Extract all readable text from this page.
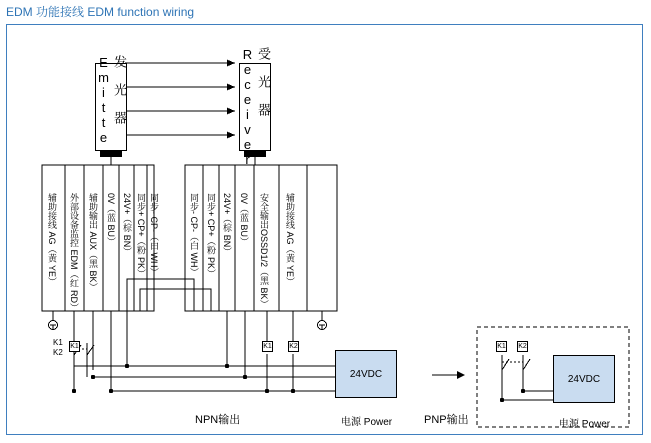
EDM 功能接线 EDM function wiring
发 光 器 Emitter	受 光 器 Receiver
辅助接线 AG（黄 YE） 外部设备监控 EDM（红 RD） 辅助输出 AUX（黑 BK） 0V（蓝 BU） 24V+（棕 BN） 同步+ CP+（粉 PK） 同步- CP-（白 WH）	同步- CP-（白 WH） 同步+ CP+（粉 PK） 24V+（棕 BN） 0V（蓝 BU） 安全输出OSSD1/2（黑 BK） 辅助接线 AG（黄 YE）
K1
K2
K1	K1 K2
24VDC
电源 Power
NPN输出	PNP输出
K1 K2
24VDC
电源 Power
